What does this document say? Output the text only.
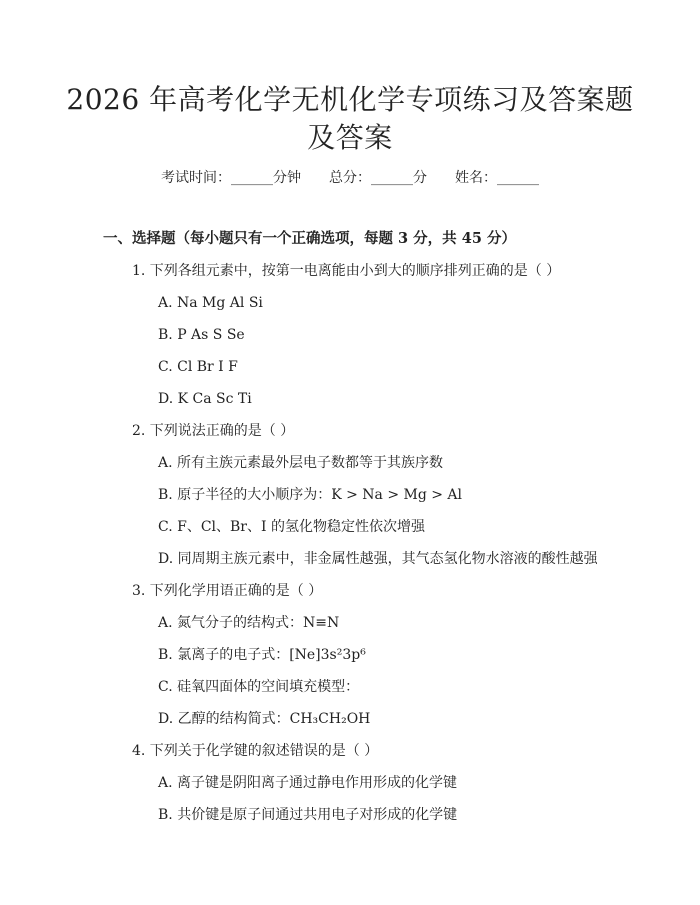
2026 年高考化学无机化学专项练习及答案题
及答案
考试时间：______分钟 总分：______分 姓名：______
一、选择题（每小题只有一个正确选项，每题 3 分，共 45 分）
1. 下列各组元素中，按第一电离能由小到大的顺序排列正确的是（ ）
A. Na Mg Al Si
B. P As S Se
C. Cl Br I F
D. K Ca Sc Ti
2. 下列说法正确的是（ ）
A. 所有主族元素最外层电子数都等于其族序数
B. 原子半径的大小顺序为：K > Na > Mg > Al
C. F、Cl、Br、I 的氢化物稳定性依次增强
D. 同周期主族元素中，非金属性越强，其气态氢化物水溶液的酸性越强
3. 下列化学用语正确的是（ ）
A. 氮气分子的结构式：N≡N
B. 氯离子的电子式：[Ne]3s²3p⁶
C. 硅氧四面体的空间填充模型：
D. 乙醇的结构简式：CH₃CH₂OH
4. 下列关于化学键的叙述错误的是（ ）
A. 离子键是阴阳离子通过静电作用形成的化学键
B. 共价键是原子间通过共用电子对形成的化学键
